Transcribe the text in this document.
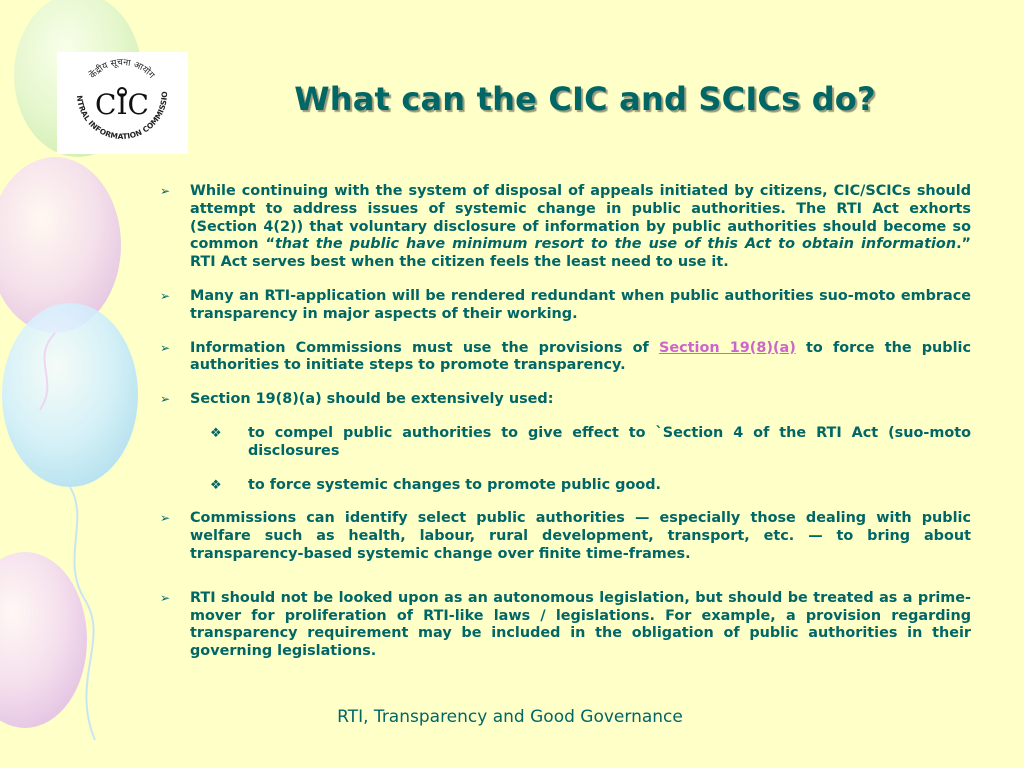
केंद्रीय सूचना आयोग
NTRAL INFORMATION COMMISSIO
CIC	What can the CIC and SCICs do?
➢ While continuing with the system of disposal of appeals initiated by citizens, CIC/SCICs should attempt to address issues of systemic change in public authorities. The RTI Act exhorts (Section 4(2)) that voluntary disclosure of information by public authorities should become so common “that the public have minimum resort to the use of this Act to obtain information.” RTI Act serves best when the citizen feels the least need to use it.
➢ Many an RTI-application will be rendered redundant when public authorities suo-moto embrace transparency in major aspects of their working.
➢ Information Commissions must use the provisions of Section 19(8)(a) to force the public authorities to initiate steps to promote transparency.
➢ Section 19(8)(a) should be extensively used:
❖ to compel public authorities to give effect to `Section 4 of the RTI Act (suo-moto disclosures
❖ to force systemic changes to promote public good.
➢ Commissions can identify select public authorities — especially those dealing with public welfare such as health, labour, rural development, transport, etc. — to bring about transparency-based systemic change over finite time-frames.
➢ RTI should not be looked upon as an autonomous legislation, but should be treated as a prime-mover for proliferation of RTI-like laws / legislations. For example, a provision regarding transparency requirement may be included in the obligation of public authorities in their governing legislations.
RTI, Transparency and Good Governance
